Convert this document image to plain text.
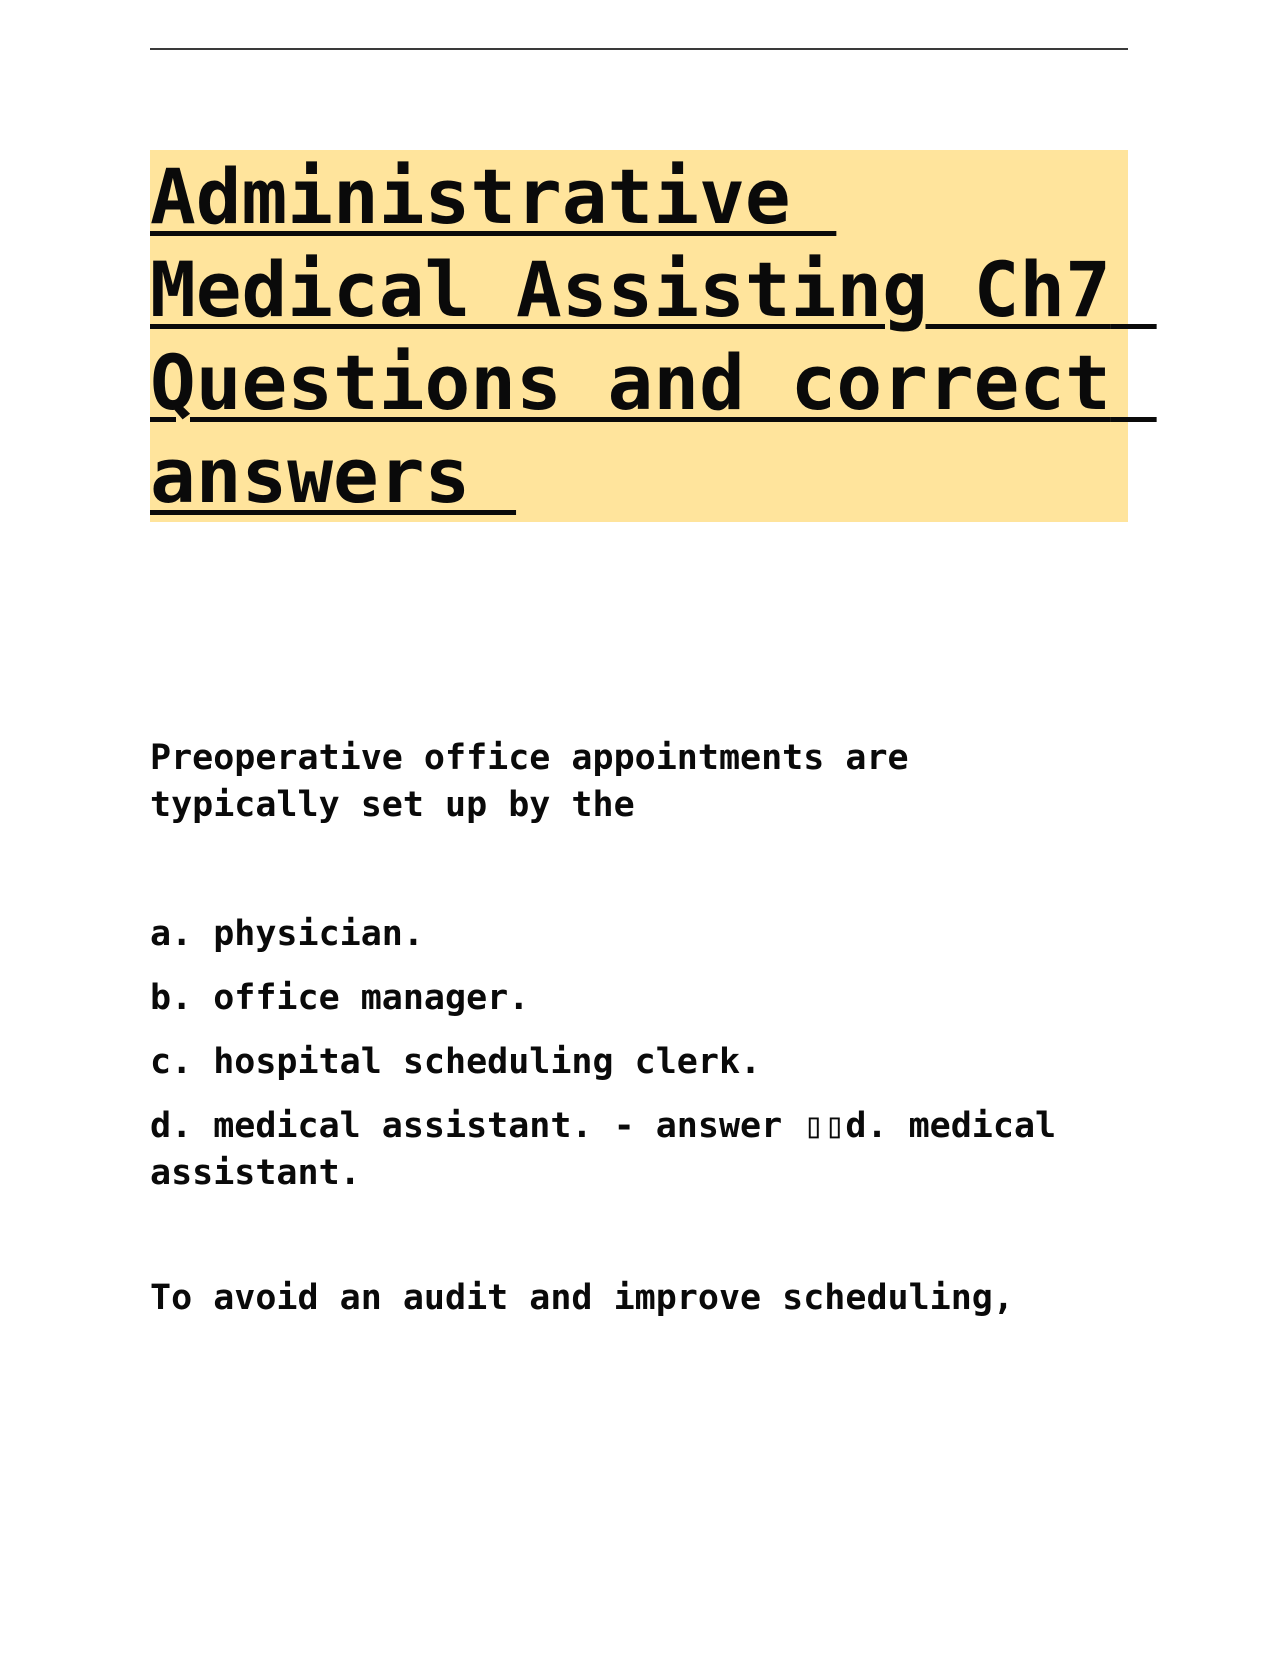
Administrative
Medical Assisting Ch7 Questions and correct answers

Preoperative office appointments are
typically set up by the

a. physician.
b. office manager.
c. hospital scheduling clerk.
d. medical assistant. - answer ▯▯d. medical
assistant.

To avoid an audit and improve scheduling,
